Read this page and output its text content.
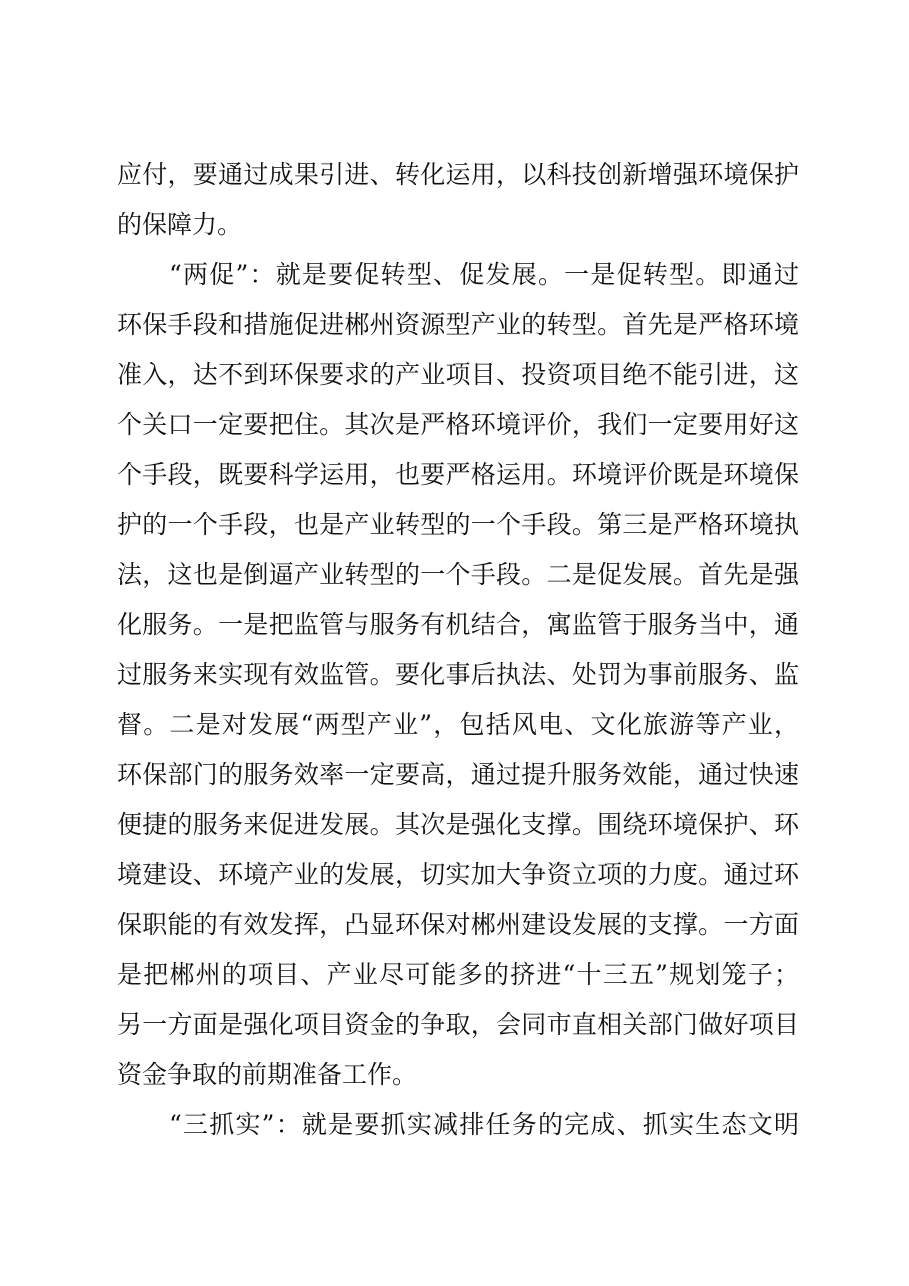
应付，要通过成果引进、转化运用，以科技创新增强环境保护
的保障力。
“两促”：就是要促转型、促发展。一是促转型。即通过
环保手段和措施促进郴州资源型产业的转型。首先是严格环境
准入，达不到环保要求的产业项目、投资项目绝不能引进，这
个关口一定要把住。其次是严格环境评价，我们一定要用好这
个手段，既要科学运用，也要严格运用。环境评价既是环境保
护的一个手段，也是产业转型的一个手段。第三是严格环境执
法，这也是倒逼产业转型的一个手段。二是促发展。首先是强
化服务。一是把监管与服务有机结合，寓监管于服务当中，通
过服务来实现有效监管。要化事后执法、处罚为事前服务、监
督。二是对发展“两型产业”，包括风电、文化旅游等产业，
环保部门的服务效率一定要高，通过提升服务效能，通过快速
便捷的服务来促进发展。其次是强化支撑。围绕环境保护、环
境建设、环境产业的发展，切实加大争资立项的力度。通过环
保职能的有效发挥，凸显环保对郴州建设发展的支撑。一方面
是把郴州的项目、产业尽可能多的挤进“十三五”规划笼子；
另一方面是强化项目资金的争取，会同市直相关部门做好项目
资金争取的前期准备工作。
“三抓实”：就是要抓实减排任务的完成、抓实生态文明
